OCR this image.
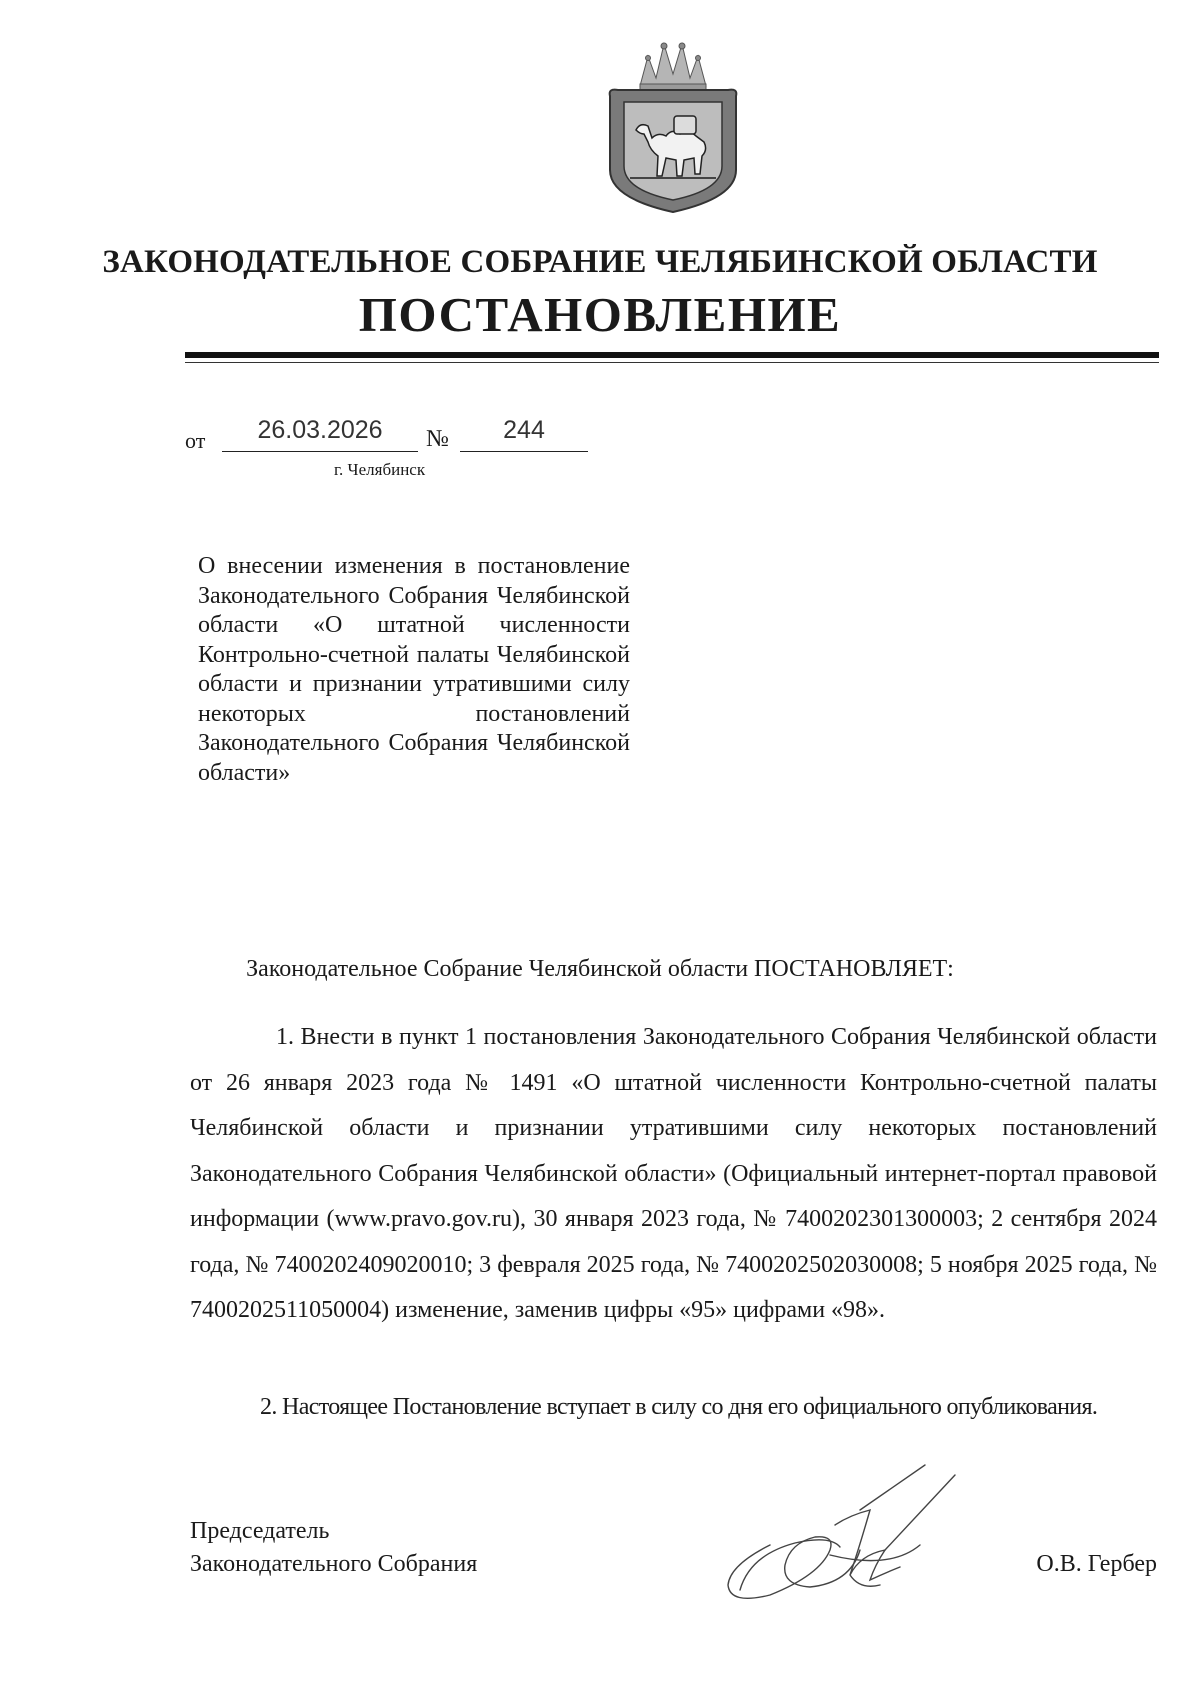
ЗАКОНОДАТЕЛЬНОЕ СОБРАНИЕ ЧЕЛЯБИНСКОЙ ОБЛАСТИ
ПОСТАНОВЛЕНИЕ
от	26.03.2026	№	244
г. Челябинск
О внесении изменения в постановление Законодательного Собрания Челябинской области «О штатной численности Контрольно-счетной палаты Челябинской области и признании утратившими силу некоторых постановлений Законодательного Собрания Челябинской области»
Законодательное Собрание Челябинской области ПОСТАНОВЛЯЕТ:
1. Внести в пункт 1 постановления Законодательного Собрания Челябинской области от 26 января 2023 года № 1491 «О штатной численности Контрольно-счетной палаты Челябинской области и признании утратившими силу некоторых постановлений Законодательного Собрания Челябинской области» (Официальный интернет-портал правовой информации (www.pravo.gov.ru), 30 января 2023 года, № 7400202301300003; 2 сентября 2024 года, № 7400202409020010; 3 февраля 2025 года, № 7400202502030008; 5 ноября 2025 года, № 7400202511050004) изменение, заменив цифры «95» цифрами «98».
2. Настоящее Постановление вступает в силу со дня его официального опубликования.
Председатель
Законодательного Собрания	О.В. Гербер
